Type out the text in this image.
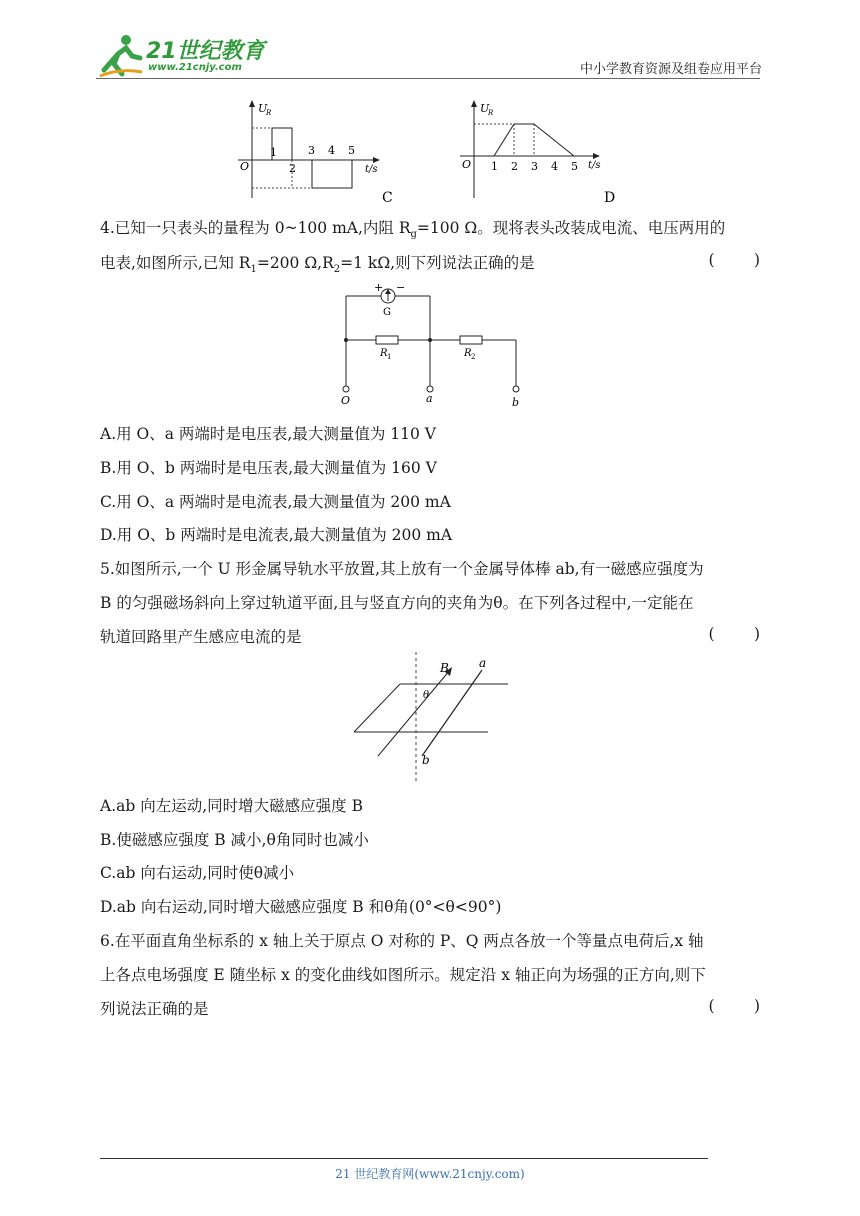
21世纪教育
www.21cnjy.com	中小学教育资源及组卷应用平台
U
R
O
1
2
3 4 5
t/s
C
U
R
O 1 2 3 4 5 t/s
D
4.已知一只表头的量程为 0~100 mA,内阻 $R_g=100$ Ω。现将表头改装成电流、电压两用的
电表,如图所示,已知 $R_1=200$ $\Omega,R_2=1$ kΩ,则下列说法正确的是	(        )
+ −
G
R 1	R 2
O	a	b
A.用 O、a 两端时是电压表,最大测量值为 110 V
B.用 O、b 两端时是电压表,最大测量值为 160 V
C.用 O、a 两端时是电流表,最大测量值为 200 mA
D.用 O、b 两端时是电流表,最大测量值为 200 mA
5.如图所示,一个 U 形金属导轨水平放置,其上放有一个金属导体棒 ab,有一磁感应强度为
B 的匀强磁场斜向上穿过轨道平面,且与竖直方向的夹角为θ。在下列各过程中,一定能在
轨道回路里产生感应电流的是	(        )
B
θ
a
b
A.ab 向左运动,同时增大磁感应强度 B
B.使磁感应强度 B 减小,θ角同时也减小
C.ab 向右运动,同时使θ减小
D.ab 向右运动,同时增大磁感应强度 B 和θ角(0°<θ<90°)
6.在平面直角坐标系的 x 轴上关于原点 O 对称的 P、Q 两点各放一个等量点电荷后,x 轴
上各点电场强度 E 随坐标 x 的变化曲线如图所示。规定沿 x 轴正向为场强的正方向,则下
列说法正确的是	(        )
21 世纪教育网(www.21cnjy.com)
